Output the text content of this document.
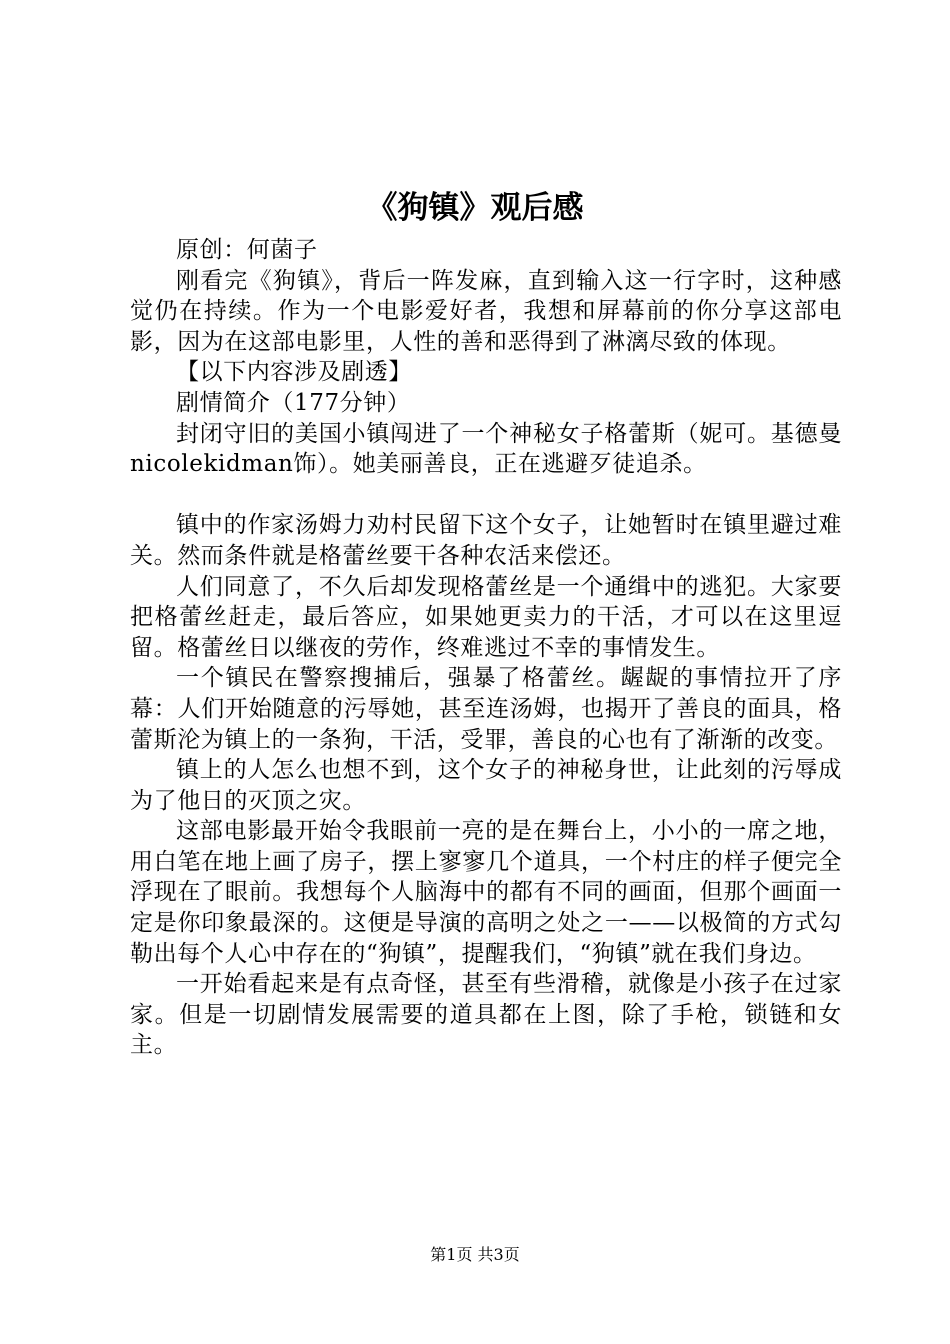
《狗镇》观后感

原创：何菌子

刚看完《狗镇》，背后一阵发麻，直到输入这一行字时，这种感觉仍在持续。作为一个电影爱好者，我想和屏幕前的你分享这部电影，因为在这部电影里，人性的善和恶得到了淋漓尽致的体现。

【以下内容涉及剧透】

剧情简介（177分钟）

封闭守旧的美国小镇闯进了一个神秘女子格蕾斯（妮可。基德曼nicolekidman饰）。她美丽善良，正在逃避歹徒追杀。

镇中的作家汤姆力劝村民留下这个女子，让她暂时在镇里避过难关。然而条件就是格蕾丝要干各种农活来偿还。

人们同意了，不久后却发现格蕾丝是一个通缉中的逃犯。大家要把格蕾丝赶走，最后答应，如果她更卖力的干活，才可以在这里逗留。格蕾丝日以继夜的劳作，终难逃过不幸的事情发生。

一个镇民在警察搜捕后，强暴了格蕾丝。龌龊的事情拉开了序幕：人们开始随意的污辱她，甚至连汤姆，也揭开了善良的面具，格蕾斯沦为镇上的一条狗，干活，受罪，善良的心也有了渐渐的改变。

镇上的人怎么也想不到，这个女子的神秘身世，让此刻的污辱成为了他日的灭顶之灾。

这部电影最开始令我眼前一亮的是在舞台上，小小的一席之地，用白笔在地上画了房子，摆上寥寥几个道具，一个村庄的样子便完全浮现在了眼前。我想每个人脑海中的都有不同的画面，但那个画面一定是你印象最深的。这便是导演的高明之处之一——以极简的方式勾勒出每个人心中存在的“狗镇”，提醒我们，“狗镇”就在我们身边。

一开始看起来是有点奇怪，甚至有些滑稽，就像是小孩子在过家家。但是一切剧情发展需要的道具都在上图，除了手枪，锁链和女主。

第1页 共3页
